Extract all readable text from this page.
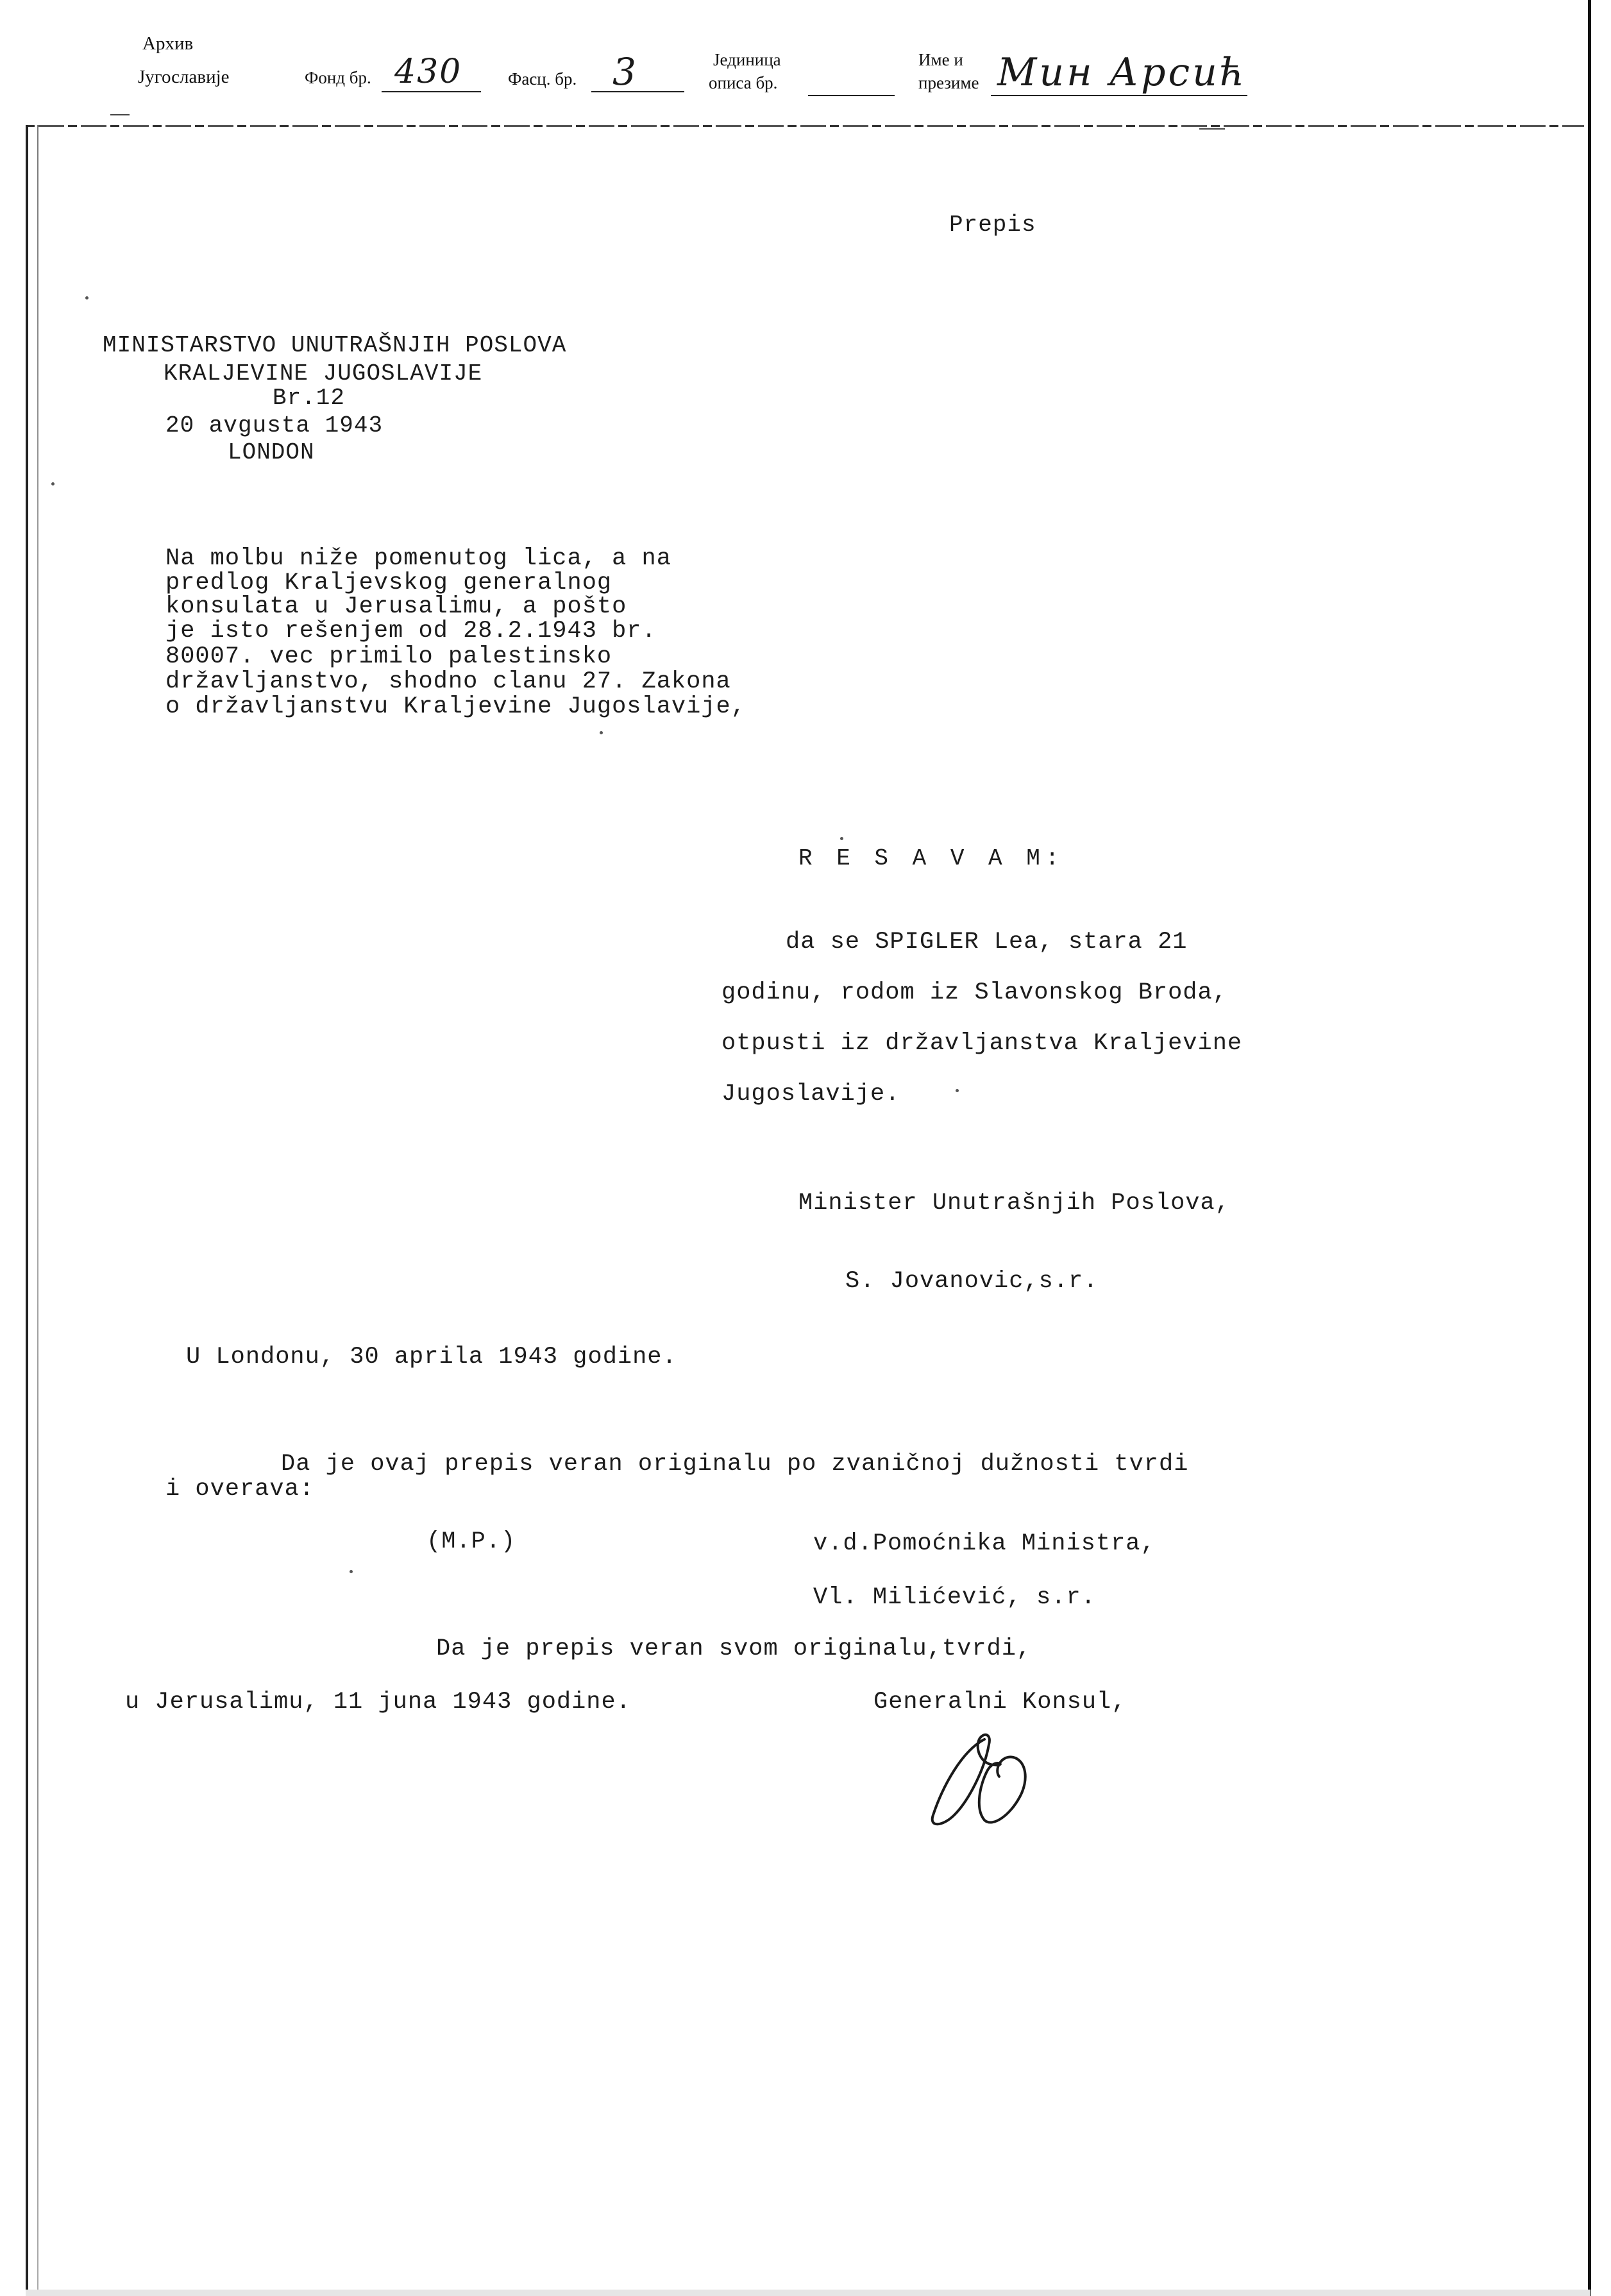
Архив
Југославије	Фонд бр. 430	Фасц. бр. 3	Јединица
описа бр.
Име и
презиме Мин Арсић
Prepis
MINISTARSTVO UNUTRAŠNJIH POSLOVA
KRALJEVINE JUGOSLAVIJE
Br.12
20 avgusta 1943
LONDON
Na molbu niže pomenutog lica, a na
predlog Kraljevskog generalnog
konsulata u Jerusalimu, a pošto
je isto rešenjem od 28.2.1943 br.
80007. vec primilo palestinsko
državljanstvo, shodno clanu 27. Zakona
o državljanstvu Kraljevine Jugoslavije,
R E S A V A M:
da se SPIGLER Lea, stara 21
godinu, rodom iz Slavonskog Broda,
otpusti iz državljanstva Kraljevine
Jugoslavije.
Minister Unutrašnjih Poslova,
S. Jovanovic,s.r.
U Londonu, 30 aprila 1943 godine.
Da je ovaj prepis veran originalu po zvaničnoj dužnosti tvrdi
i overava:
(M.P.)	v.d.Pomoćnika Ministra,
Vl. Milićević, s.r.
Da je prepis veran svom originalu,tvrdi,
u Jerusalimu, 11 juna 1943 godine.	Generalni Konsul,
